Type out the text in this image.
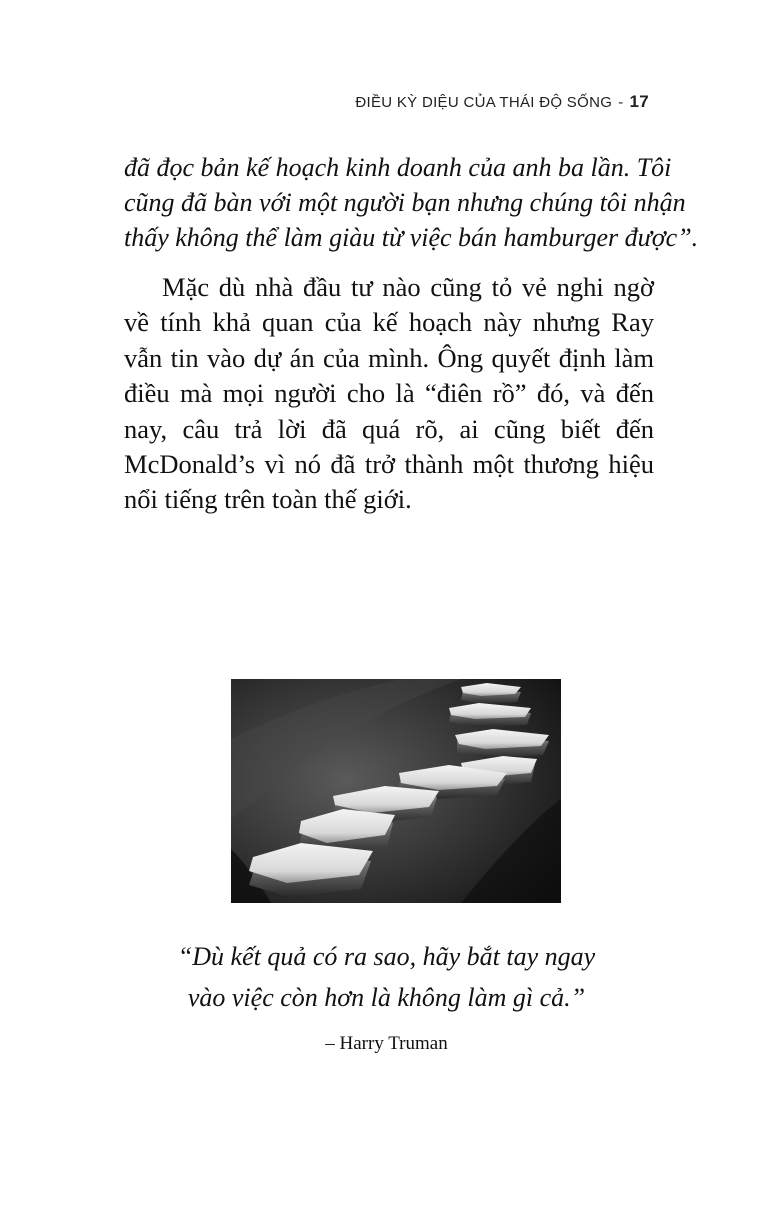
ĐIỀU KỲ DIỆU CỦA THÁI ĐỘ SỐNG - 17

đã đọc bản kế hoạch kinh doanh của anh ba lần. Tôi
cũng đã bàn với một người bạn nhưng chúng tôi nhận
thấy không thể làm giàu từ việc bán hamburger được”.

Mặc dù nhà đầu tư nào cũng tỏ vẻ nghi ngờ
về tính khả quan của kế hoạch này nhưng Ray
vẫn tin vào dự án của mình. Ông quyết định làm
điều mà mọi người cho là “điên rồ” đó, và đến
nay, câu trả lời đã quá rõ, ai cũng biết đến
McDonald’s vì nó đã trở thành một thương hiệu
nổi tiếng trên toàn thế giới.

“Dù kết quả có ra sao, hãy bắt tay ngay
vào việc còn hơn là không làm gì cả.”

– Harry Truman
